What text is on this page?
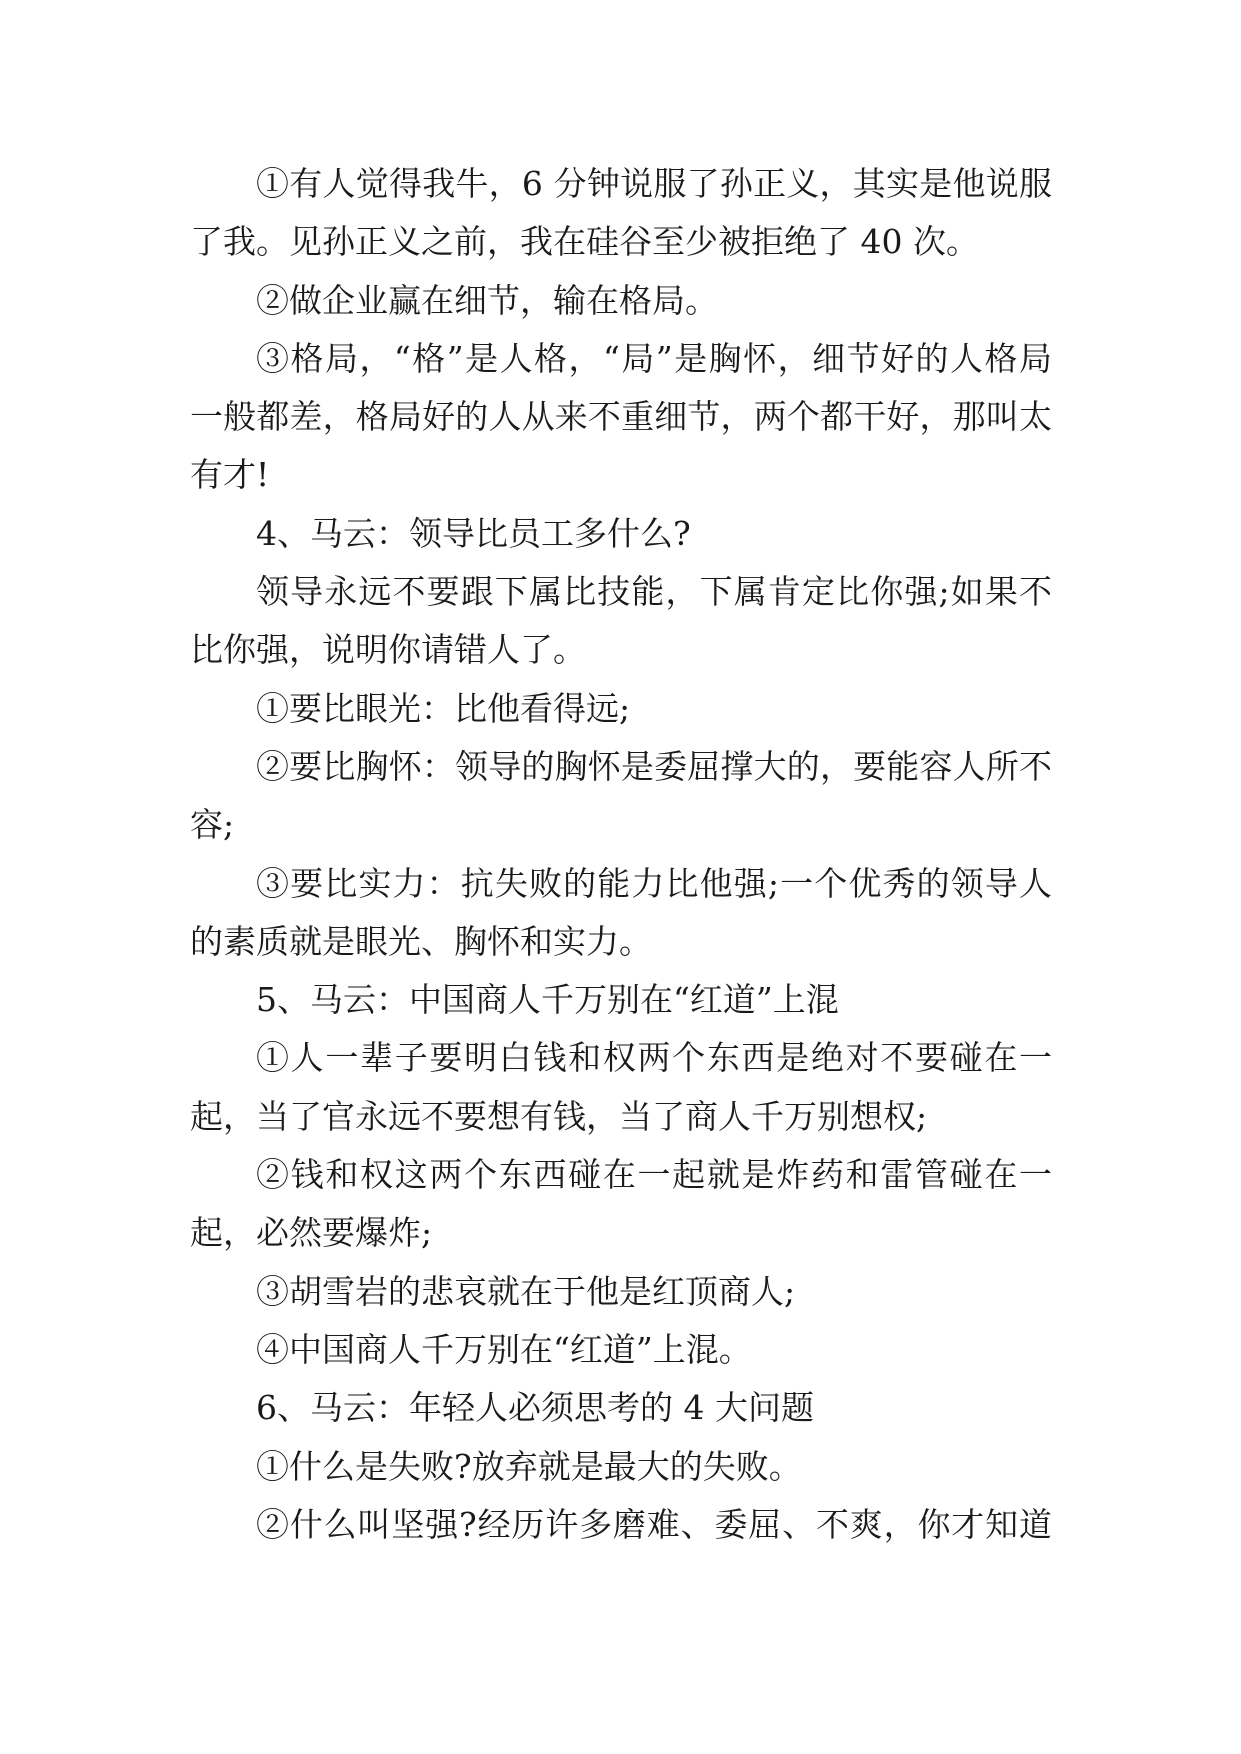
①有人觉得我牛，6 分钟说服了孙正义，其实是他说服
了我。见孙正义之前，我在硅谷至少被拒绝了 40 次。
②做企业赢在细节，输在格局。
③格局，“格”是人格，“局”是胸怀，细节好的人格局
一般都差，格局好的人从来不重细节，两个都干好，那叫太
有才!
4、马云：领导比员工多什么?
领导永远不要跟下属比技能，下属肯定比你强;如果不
比你强，说明你请错人了。
①要比眼光：比他看得远;
②要比胸怀：领导的胸怀是委屈撑大的，要能容人所不
容;
③要比实力：抗失败的能力比他强;一个优秀的领导人
的素质就是眼光、胸怀和实力。
5、马云：中国商人千万别在“红道”上混
①人一辈子要明白钱和权两个东西是绝对不要碰在一
起，当了官永远不要想有钱，当了商人千万别想权;
②钱和权这两个东西碰在一起就是炸药和雷管碰在一
起，必然要爆炸;
③胡雪岩的悲哀就在于他是红顶商人;
④中国商人千万别在“红道”上混。
6、马云：年轻人必须思考的 4 大问题
①什么是失败?放弃就是最大的失败。
②什么叫坚强?经历许多磨难、委屈、不爽，你才知道
